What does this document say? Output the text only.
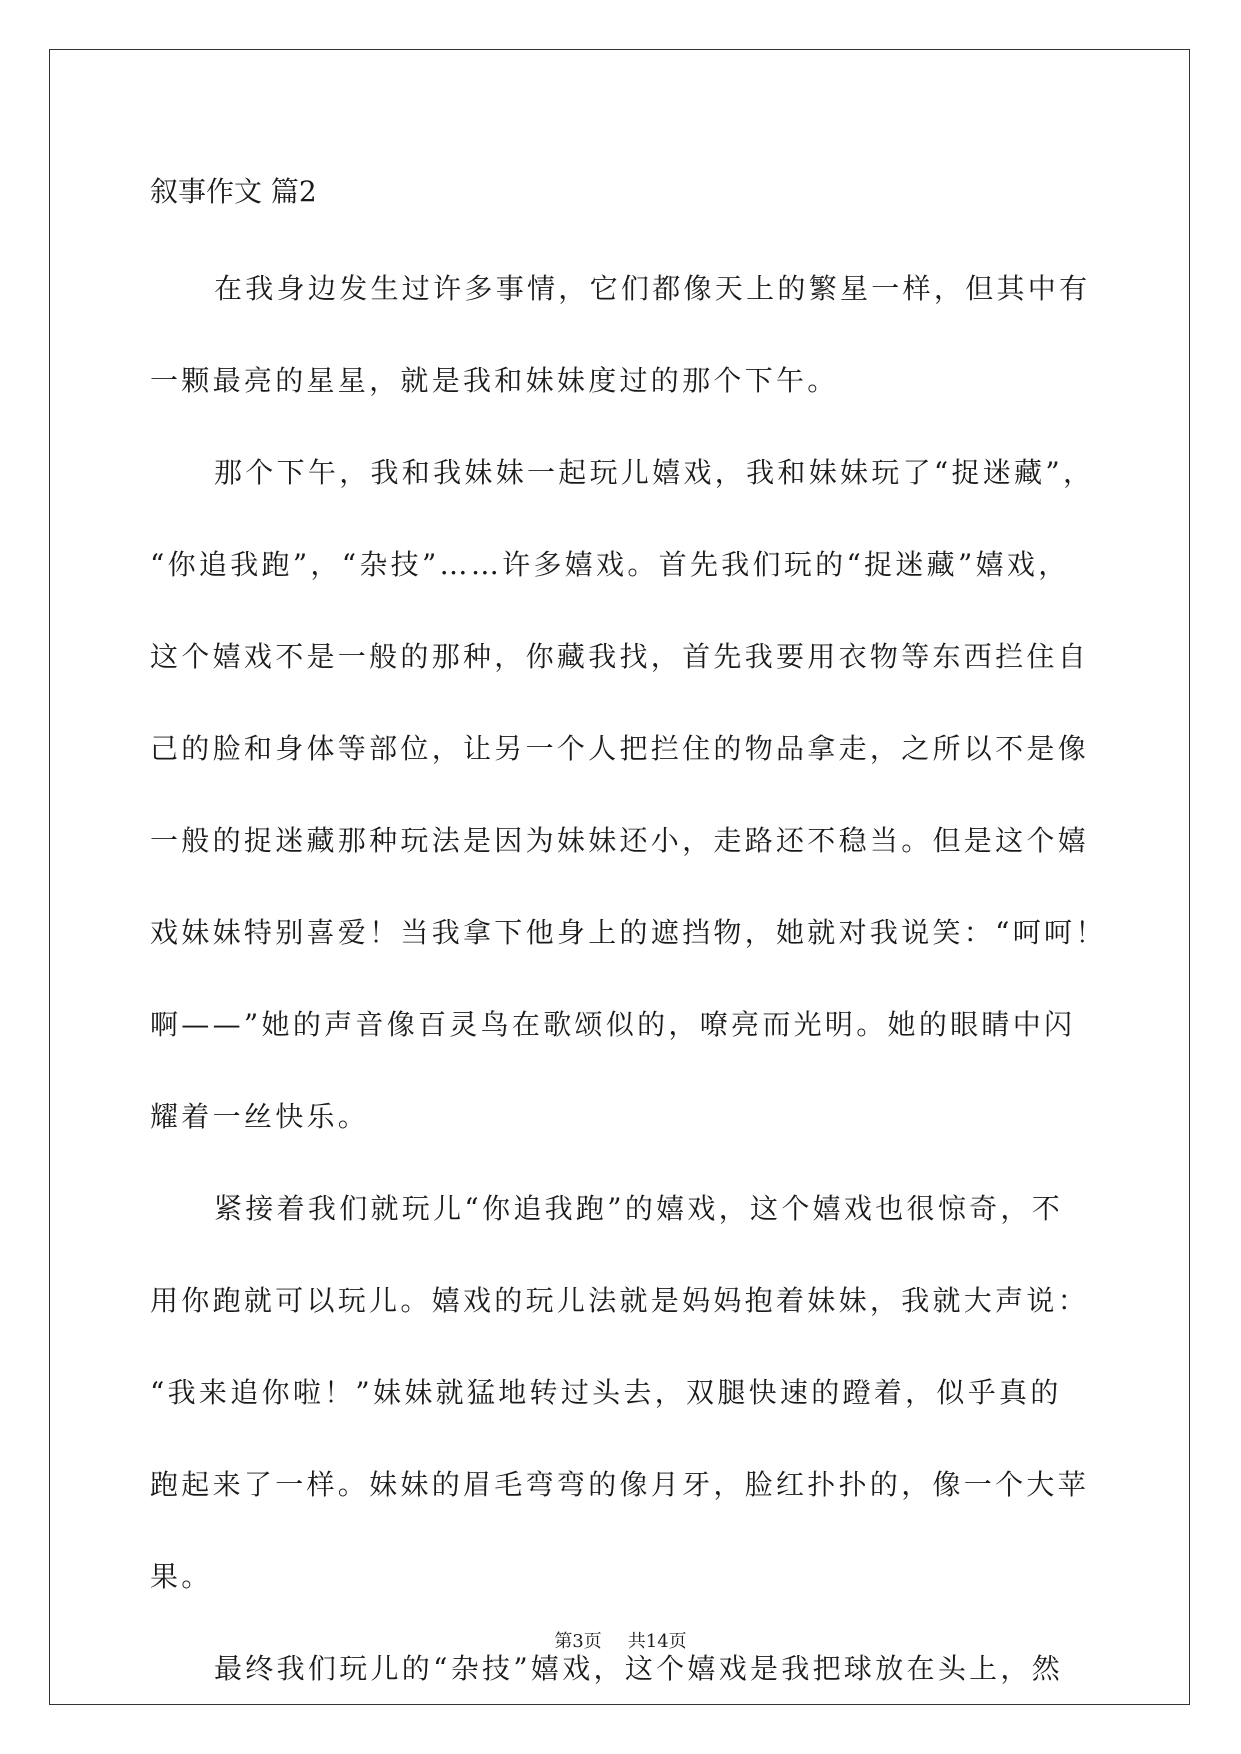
叙事作文 篇2
在我身边发生过许多事情，它们都像天上的繁星一样，但其中有
一颗最亮的星星，就是我和妹妹度过的那个下午。
那个下午，我和我妹妹一起玩儿嬉戏，我和妹妹玩了“捉迷藏”，
“你追我跑”，“杂技”……许多嬉戏。首先我们玩的“捉迷藏”嬉戏，
这个嬉戏不是一般的那种，你藏我找，首先我要用衣物等东西拦住自
己的脸和身体等部位，让另一个人把拦住的物品拿走，之所以不是像
一般的捉迷藏那种玩法是因为妹妹还小，走路还不稳当。但是这个嬉
戏妹妹特别喜爱！当我拿下他身上的遮挡物，她就对我说笑：“呵呵！
啊——”她的声音像百灵鸟在歌颂似的，嘹亮而光明。她的眼睛中闪
耀着一丝快乐。
紧接着我们就玩儿“你追我跑”的嬉戏，这个嬉戏也很惊奇，不
用你跑就可以玩儿。嬉戏的玩儿法就是妈妈抱着妹妹，我就大声说：
“我来追你啦！”妹妹就猛地转过头去，双腿快速的蹬着，似乎真的
跑起来了一样。妹妹的眉毛弯弯的像月牙，脸红扑扑的，像一个大苹
果。
最终我们玩儿的“杂技”嬉戏，这个嬉戏是我把球放在头上，然
第3页 共14页
